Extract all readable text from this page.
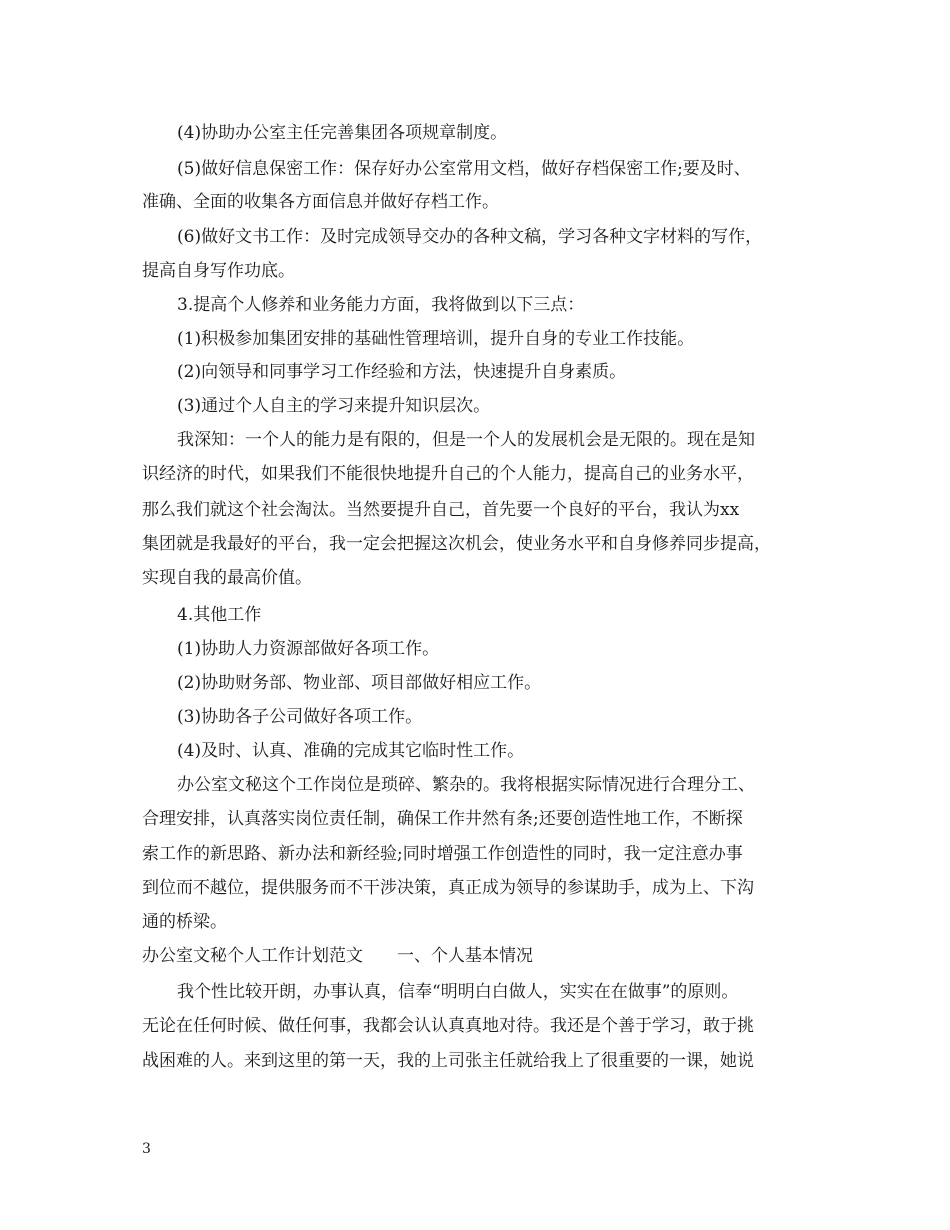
(4)协助办公室主任完善集团各项规章制度。
(5)做好信息保密工作：保存好办公室常用文档，做好存档保密工作;要及时、
准确、全面的收集各方面信息并做好存档工作。
(6)做好文书工作：及时完成领导交办的各种文稿，学习各种文字材料的写作，
提高自身写作功底。
3.提高个人修养和业务能力方面，我将做到以下三点：
(1)积极参加集团安排的基础性管理培训，提升自身的专业工作技能。
(2)向领导和同事学习工作经验和方法，快速提升自身素质。
(3)通过个人自主的学习来提升知识层次。
我深知：一个人的能力是有限的，但是一个人的发展机会是无限的。现在是知
识经济的时代，如果我们不能很快地提升自己的个人能力，提高自己的业务水平，
那么我们就这个社会淘汰。当然要提升自己，首先要一个良好的平台，我认为xx
集团就是我最好的平台，我一定会把握这次机会，使业务水平和自身修养同步提高，
实现自我的最高价值。
4.其他工作
(1)协助人力资源部做好各项工作。
(2)协助财务部、物业部、项目部做好相应工作。
(3)协助各子公司做好各项工作。
(4)及时、认真、准确的完成其它临时性工作。
办公室文秘这个工作岗位是琐碎、繁杂的。我将根据实际情况进行合理分工、
合理安排，认真落实岗位责任制，确保工作井然有条;还要创造性地工作，不断探
索工作的新思路、新办法和新经验;同时增强工作创造性的同时，我一定注意办事
到位而不越位，提供服务而不干涉决策，真正成为领导的参谋助手，成为上、下沟
通的桥梁。
办公室文秘个人工作计划范文　　一、个人基本情况
我个性比较开朗，办事认真，信奉“明明白白做人，实实在在做事”的原则。
无论在任何时候、做任何事，我都会认认真真地对待。我还是个善于学习，敢于挑
战困难的人。来到这里的第一天，我的上司张主任就给我上了很重要的一课，她说
3
